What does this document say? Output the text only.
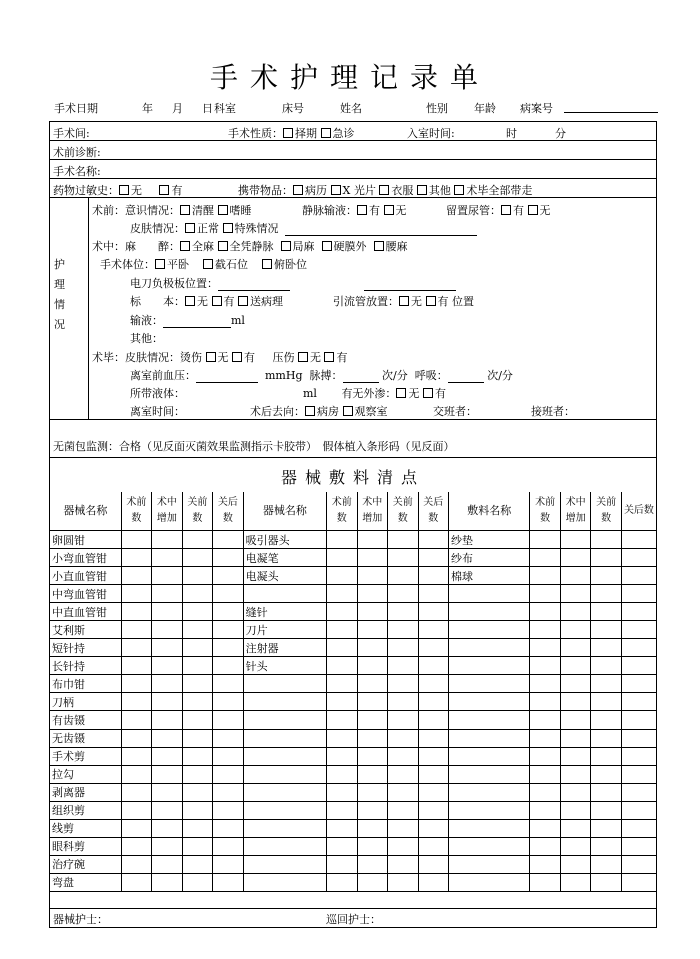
手术护理记录单
手术日期	年 月 日 科室	床号	姓名	性别 年龄 病案号
手术间:	手术性质： 择期 急诊	入室时间:	时	分
术前诊断:
手术名称:
药物过敏史： 无	有	携带物品： 病历 X 光片 衣服 其他 术毕全部带走
护
理
情
况
术前：意识情况： 清醒 嗜睡	静脉输液： 有 无	留置尿管： 有 无
皮肤情况： 正常 特殊情况
术中：麻　　醉： 全麻 全凭静脉 局麻 硬膜外 腰麻
手术体位： 平卧 截石位 俯卧位
电刀负极板位置：
标　　本： 无 有 送病理	引流管放置： 无 有 位置
输液：	ml
其他：
术毕：皮肤情况：烫伤 无 有 压伤 无 有
离室前血压：	mmHg 脉搏：	次/分 呼吸：	次/分
所带液体：	ml 有无外渗： 无 有
离室时间：	术后去向： 病房 观察室	交班者：	接班者：
无菌包监测：合格（见反面灭菌效果监测指示卡胶带）　假体植入条形码（见反面）
器械敷料清点
器械名称	术前数	术中增加	关前数	关后数	器械名称	术前数	术中增加	关前数	关后数	敷料名称	术前数	术中增加	关前数	关后数
卵圆钳					吸引器头					纱垫				
小弯血管钳					电凝笔					纱布				
小直血管钳					电凝头					棉球				
中弯血管钳														
中直血管钳					缝针									
艾利斯					刀片									
短针持					注射器									
长针持					针头									
布巾钳														
刀柄														
有齿镊														
无齿镊														
手术剪														
拉勾														
剥离器														
组织剪														
线剪														
眼科剪														
治疗碗														
弯盘														
器械护士：	巡回护士：
